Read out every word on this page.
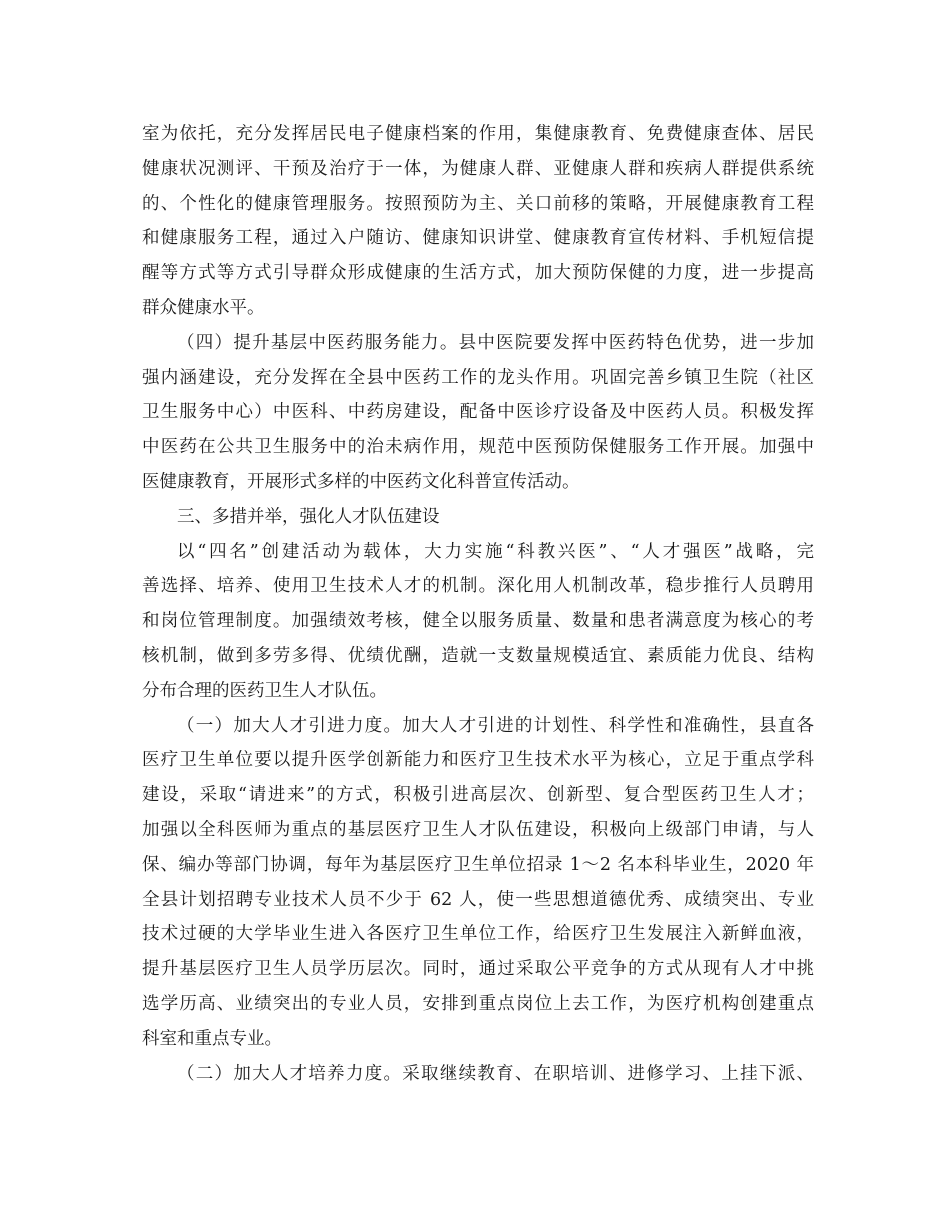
室为依托，充分发挥居民电子健康档案的作用，集健康教育、免费健康查体、居民
健康状况测评、干预及治疗于一体，为健康人群、亚健康人群和疾病人群提供系统
的、个性化的健康管理服务。按照预防为主、关口前移的策略，开展健康教育工程
和健康服务工程，通过入户随访、健康知识讲堂、健康教育宣传材料、手机短信提
醒等方式等方式引导群众形成健康的生活方式，加大预防保健的力度，进一步提高
群众健康水平。
（四）提升基层中医药服务能力。县中医院要发挥中医药特色优势，进一步加
强内涵建设，充分发挥在全县中医药工作的龙头作用。巩固完善乡镇卫生院（社区
卫生服务中心）中医科、中药房建设，配备中医诊疗设备及中医药人员。积极发挥
中医药在公共卫生服务中的治未病作用，规范中医预防保健服务工作开展。加强中
医健康教育，开展形式多样的中医药文化科普宣传活动。
三、多措并举，强化人才队伍建设
以“四名”创建活动为载体，大力实施“科教兴医”、“人才强医”战略，完
善选择、培养、使用卫生技术人才的机制。深化用人机制改革，稳步推行人员聘用
和岗位管理制度。加强绩效考核，健全以服务质量、数量和患者满意度为核心的考
核机制，做到多劳多得、优绩优酬，造就一支数量规模适宜、素质能力优良、结构
分布合理的医药卫生人才队伍。
（一）加大人才引进力度。加大人才引进的计划性、科学性和准确性，县直各
医疗卫生单位要以提升医学创新能力和医疗卫生技术水平为核心，立足于重点学科
建设，采取“请进来”的方式，积极引进高层次、创新型、复合型医药卫生人才；
加强以全科医师为重点的基层医疗卫生人才队伍建设，积极向上级部门申请，与人
保、编办等部门协调，每年为基层医疗卫生单位招录 1～2 名本科毕业生，2020 年
全县计划招聘专业技术人员不少于 62 人，使一些思想道德优秀、成绩突出、专业
技术过硬的大学毕业生进入各医疗卫生单位工作，给医疗卫生发展注入新鲜血液，
提升基层医疗卫生人员学历层次。同时，通过采取公平竞争的方式从现有人才中挑
选学历高、业绩突出的专业人员，安排到重点岗位上去工作，为医疗机构创建重点
科室和重点专业。
（二）加大人才培养力度。采取继续教育、在职培训、进修学习、上挂下派、
